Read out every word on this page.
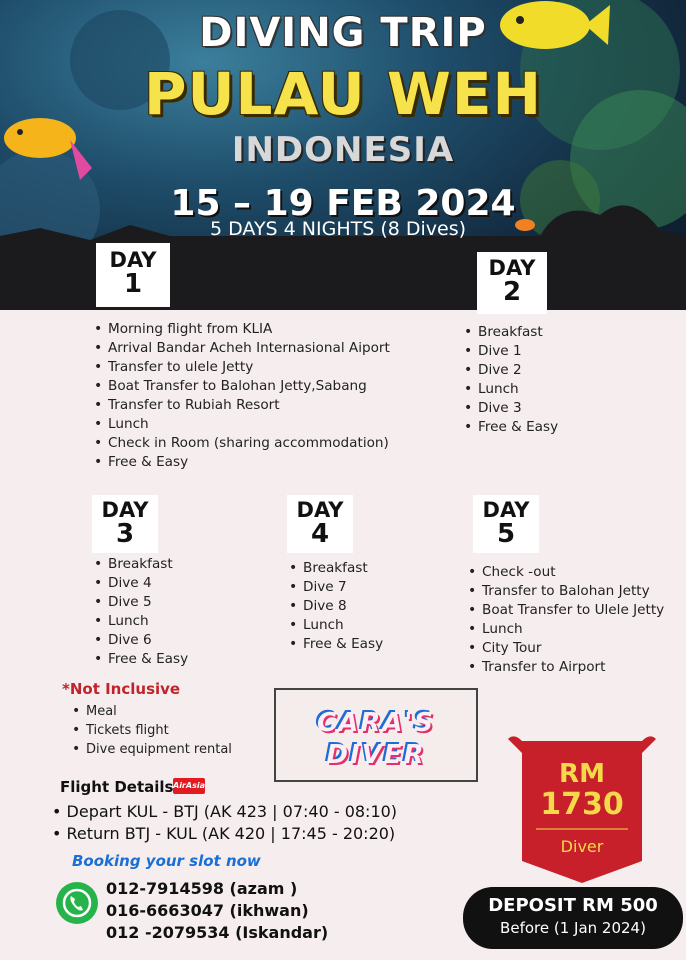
DIVING TRIP
PULAU WEH
INDONESIA
15 – 19 FEB 2024
5 DAYS 4 NIGHTS (8 Dives)
DAY
1
• Morning flight from KLIA
• Arrival Bandar Acheh Internasional Aiport
• Transfer to ulele Jetty
• Boat Transfer to Balohan Jetty,Sabang
• Transfer to Rubiah Resort
• Lunch
• Check in Room (sharing accommodation)
• Free & Easy
DAY
2
• Breakfast
• Dive 1
• Dive 2
• Lunch
• Dive 3
• Free & Easy
DAY
3
• Breakfast
• Dive 4
• Dive 5
• Lunch
• Dive 6
• Free & Easy
DAY
4
• Breakfast
• Dive 7
• Dive 8
• Lunch
• Free & Easy
DAY
5
• Check -out
• Transfer to Balohan Jetty
• Boat Transfer to Ulele Jetty
• Lunch
• City Tour
• Transfer to Airport
*Not Inclusive
• Meal
• Tickets flight
• Dive equipment rental
CARA'S
DIVER
Flight Details AirAsia
• Depart KUL - BTJ (AK 423 | 07:40 - 08:10)
• Return BTJ - KUL (AK 420 | 17:45 - 20:20)
Booking your slot now
012-7914598 (azam )
016-6663047 (ikhwan)
012 -2079534 (Iskandar)
RM
1730
Diver
DEPOSIT RM 500
Before (1 Jan 2024)
